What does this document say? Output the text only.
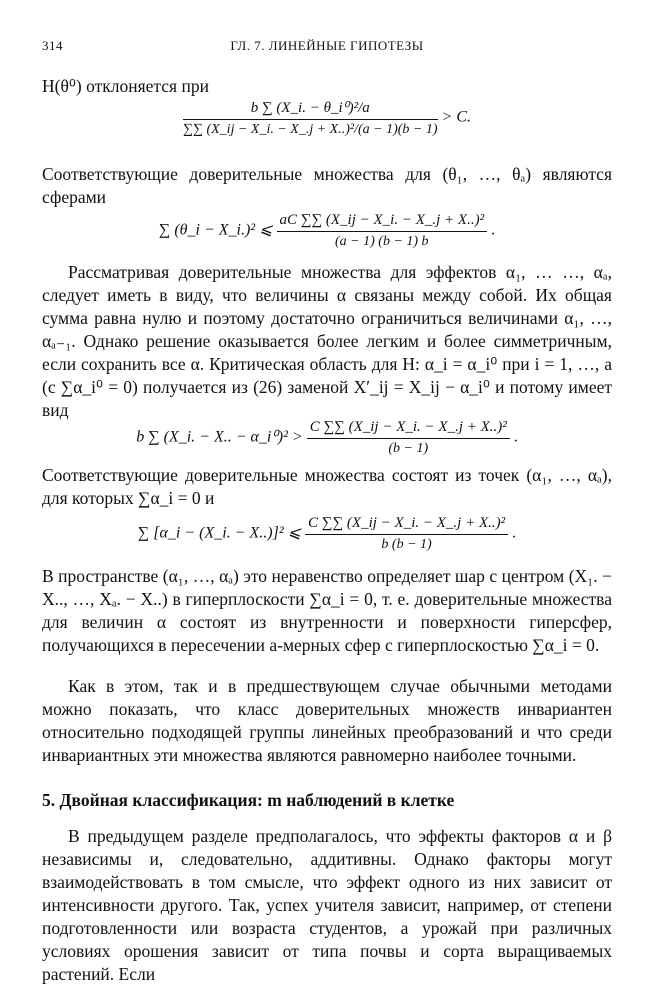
314	ГЛ. 7. ЛИНЕЙНЫЕ ГИПОТЕЗЫ
H(θ⁰) отклоняется при
$\frac{\text{b ∑ (X\_i. − θ\_i⁰)²/a}}{\text{∑∑ (X\_ij − X\_i. − X\_.j + X..)²/(a − 1)(b − 1)}} > C$.
Соответствующие доверительные множества для (θ₁, …, θₐ) являются сферами
∑ (θ_i − X_i.)² ⩽ $\frac{\text{aC ∑∑ (X\_ij − X\_i. − X\_.j + X..)²}}{(a - 1) (b - 1) b}$ .
Рассматривая доверительные множества для эффектов α₁, … …, αₐ, следует иметь в виду, что величины α связаны между собой. Их общая сумма равна нулю и поэтому достаточно ограничиться величинами α₁, …, αₐ₋₁. Однако решение оказывается более легким и более симметричным, если сохранить все α. Критическая область для H: α_i = α_i⁰ при i = 1, …, a (с ∑α_i⁰ = 0) получается из (26) заменой X′_ij = X_ij − α_i⁰ и потому имеет вид
b ∑ (X_i. − X.. − α_i⁰)² > $\frac{\text{C ∑∑ (X\_ij − X\_i. − X\_.j + X..)²}}{(b - 1)}$ .
Соответствующие доверительные множества состоят из точек (α₁, …, αₐ), для которых ∑α_i = 0 и
∑ [α_i − (X_i. − X..)]² ⩽ $\frac{\text{C ∑∑ (X\_ij − X\_i. − X\_.j + X..)²}}{b (b - 1)}$ .
В пространстве (α₁, …, αₐ) это неравенство определяет шар с центром (X₁. − X.., …, Xₐ. − X..) в гиперплоскости ∑α_i = 0, т. е. доверительные множества для величин α состоят из внутренности и поверхности гиперсфер, получающихся в пересечении a-мерных сфер с гиперплоскостью ∑α_i = 0.
Как в этом, так и в предшествующем случае обычными методами можно показать, что класс доверительных множеств инвариантен относительно подходящей группы линейных преобразований и что среди инвариантных эти множества являются равномерно наиболее точными.
5. Двойная классификация: m наблюдений в клетке
В предыдущем разделе предполагалось, что эффекты факторов α и β независимы и, следовательно, аддитивны. Однако факторы могут взаимодействовать в том смысле, что эффект одного из них зависит от интенсивности другого. Так, успех учителя зависит, например, от степени подготовленности или возраста студентов, а урожай при различных условиях орошения зависит от типа почвы и сорта выращиваемых растений. Если
